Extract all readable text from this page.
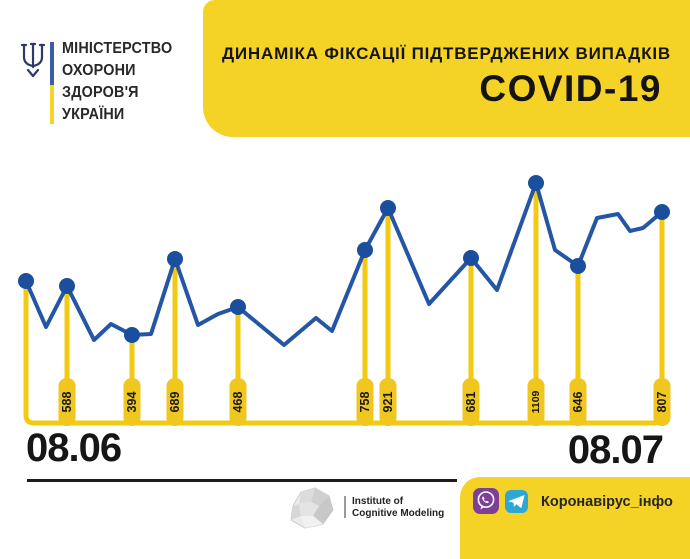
МІНІСТЕРСТВО
ОХОРОНИ
ЗДОРОВ'Я
УКРАЇНИ
ДИНАМІКА ФІКСАЦІЇ ПІДТВЕРДЖЕНИХ ВИПАДКІВ
COVID-19
588	394 689	468	758 921	681	1109 646	807
08.06	08.07
Institute of
Cognitive Modeling
Коронавірус_інфо
